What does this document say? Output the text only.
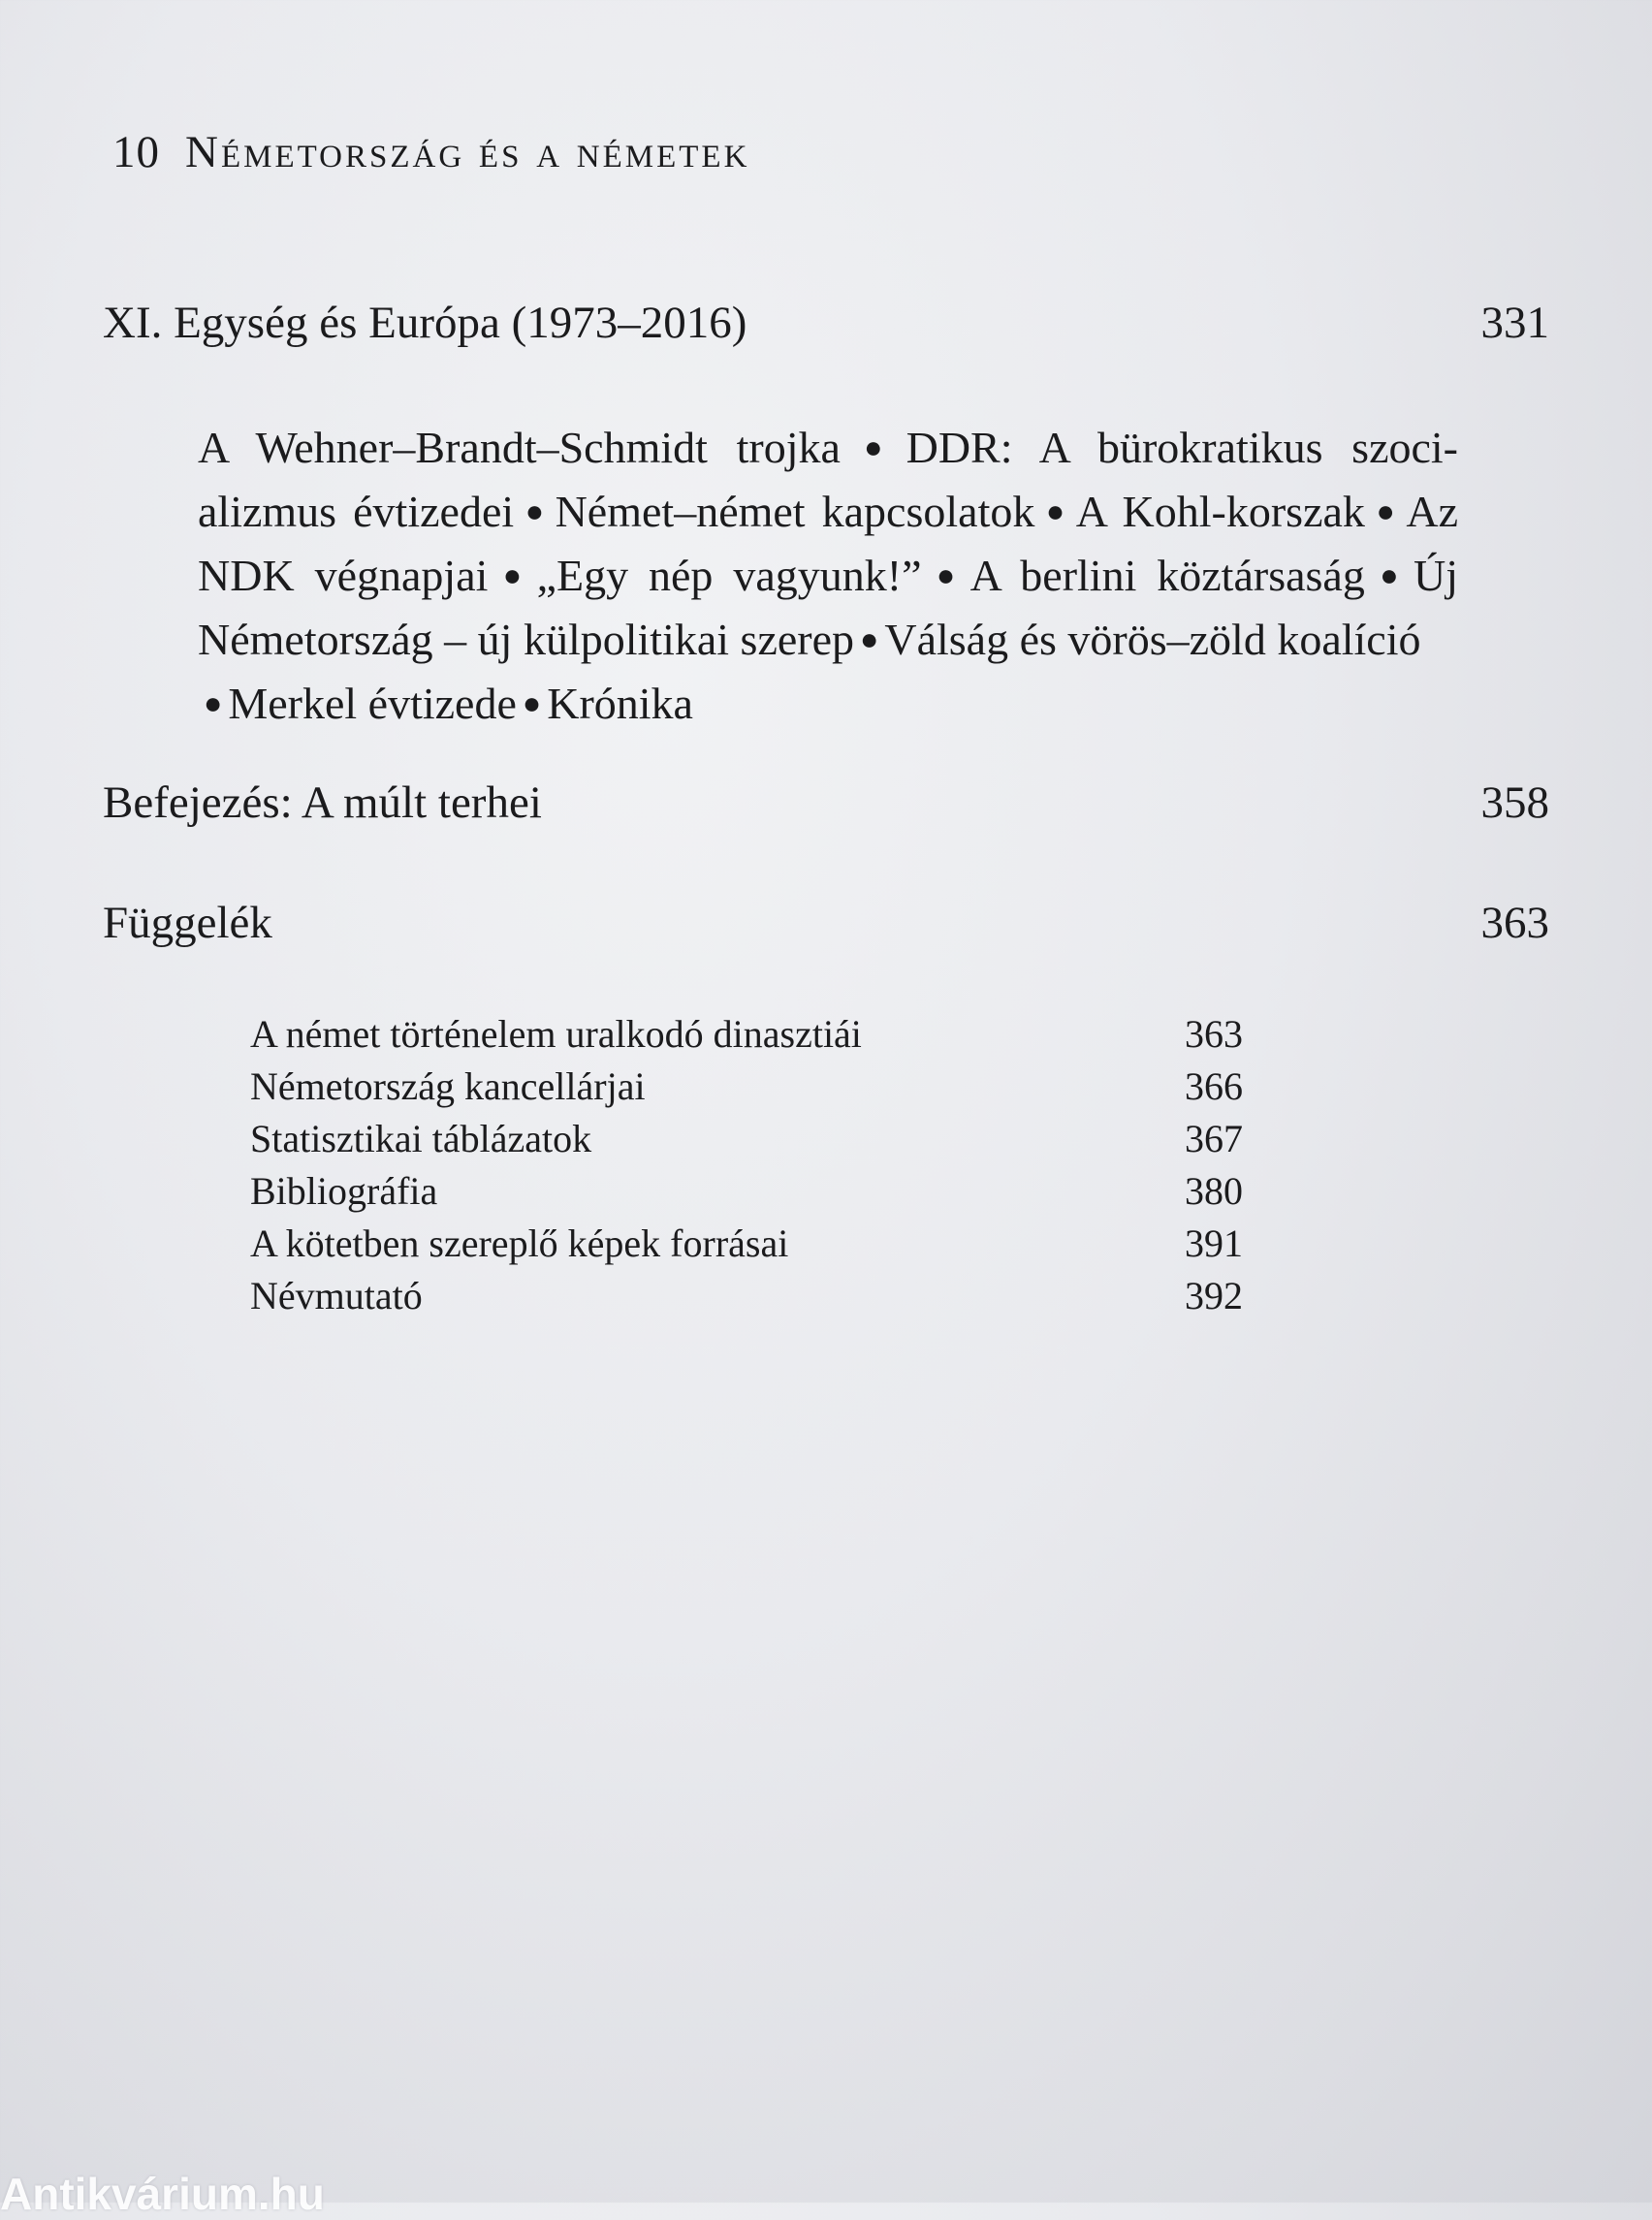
10 Németország és a németek
XI. Egység és Európa (1973–2016)	331
A Wehner–Brandt–Schmidt trojka ● DDR: A bürokratikus szoci-alizmus évtizedei ● Német–német kapcsolatok ● A Kohl-korszak ● Az NDK végnapjai ● „Egy nép vagyunk!” ● A berlini köztársaság ● Új Németország – új külpolitikai szerep ● Válság és vörös–zöld koalíció
● Merkel évtizede ● Krónika
Befejezés: A múlt terhei	358
Függelék	363
A német történelem uralkodó dinasztiái	363
Németország kancellárjai	366
Statisztikai táblázatok	367
Bibliográfia	380
A kötetben szereplő képek forrásai	391
Névmutató	392
Antikvárium.hu
